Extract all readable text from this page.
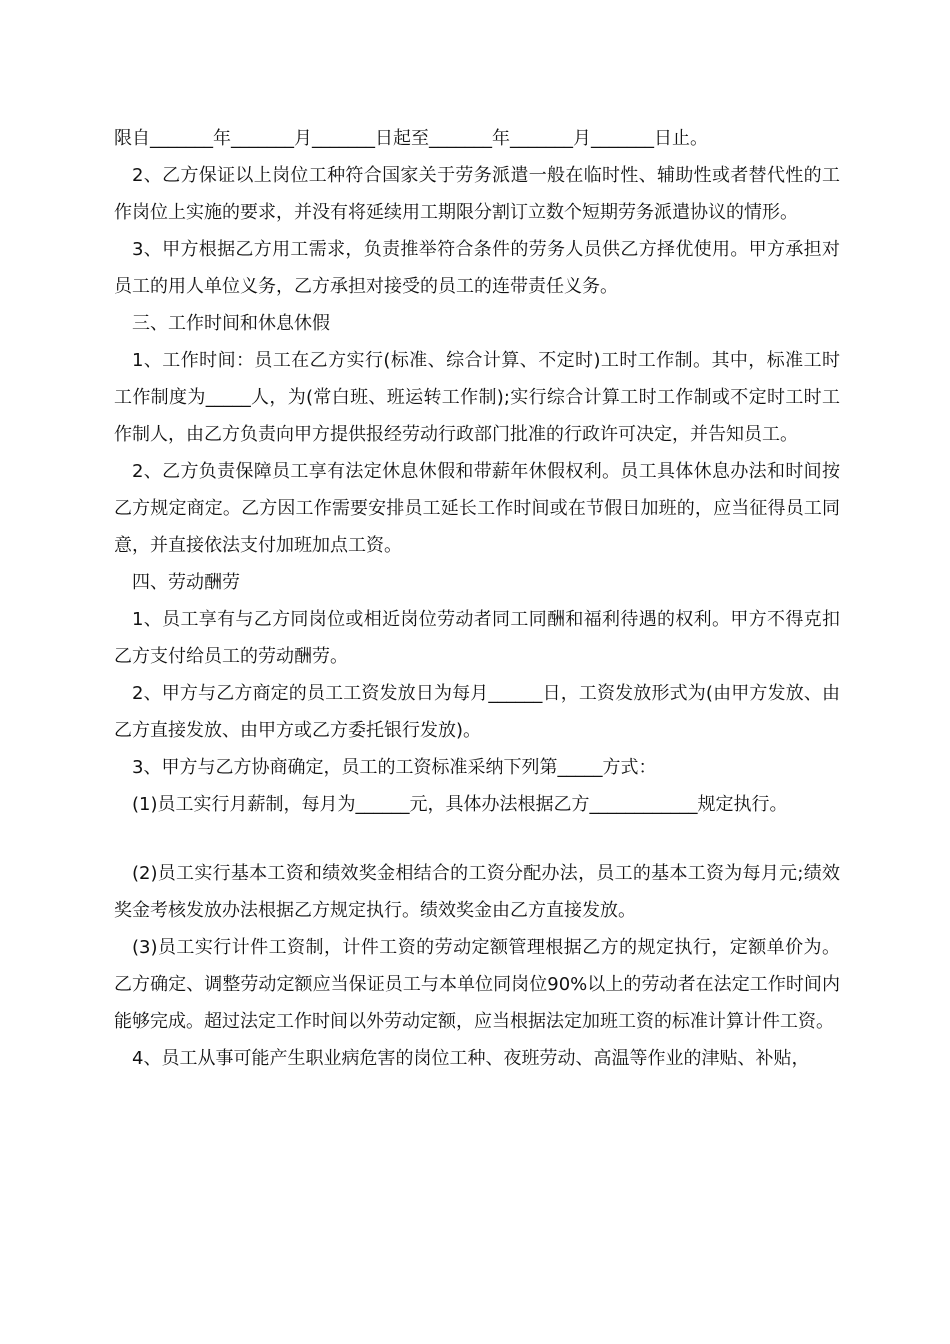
限自_______年_______月_______日起至_______年_______月_______日止。

2、乙方保证以上岗位工种符合国家关于劳务派遣一般在临时性、辅助性或者替代性的工作岗位上实施的要求，并没有将延续用工期限分割订立数个短期劳务派遣协议的情形。

3、甲方根据乙方用工需求，负责推举符合条件的劳务人员供乙方择优使用。甲方承担对员工的用人单位义务，乙方承担对接受的员工的连带责任义务。

三、工作时间和休息休假

1、工作时间：员工在乙方实行(标准、综合计算、不定时)工时工作制。其中，标准工时工作制度为_____人，为(常白班、班运转工作制);实行综合计算工时工作制或不定时工时工作制人，由乙方负责向甲方提供报经劳动行政部门批准的行政许可决定，并告知员工。

2、乙方负责保障员工享有法定休息休假和带薪年休假权利。员工具体休息办法和时间按乙方规定商定。乙方因工作需要安排员工延长工作时间或在节假日加班的，应当征得员工同意，并直接依法支付加班加点工资。

四、劳动酬劳

1、员工享有与乙方同岗位或相近岗位劳动者同工同酬和福利待遇的权利。甲方不得克扣乙方支付给员工的劳动酬劳。

2、甲方与乙方商定的员工工资发放日为每月______日，工资发放形式为(由甲方发放、由乙方直接发放、由甲方或乙方委托银行发放)。

3、甲方与乙方协商确定，员工的工资标准采纳下列第_____方式：

(1)员工实行月薪制，每月为______元，具体办法根据乙方____________规定执行。

(2)员工实行基本工资和绩效奖金相结合的工资分配办法，员工的基本工资为每月元;绩效奖金考核发放办法根据乙方规定执行。绩效奖金由乙方直接发放。

(3)员工实行计件工资制，计件工资的劳动定额管理根据乙方的规定执行，定额单价为。乙方确定、调整劳动定额应当保证员工与本单位同岗位90%以上的劳动者在法定工作时间内能够完成。超过法定工作时间以外劳动定额，应当根据法定加班工资的标准计算计件工资。

4、员工从事可能产生职业病危害的岗位工种、夜班劳动、高温等作业的津贴、补贴，
